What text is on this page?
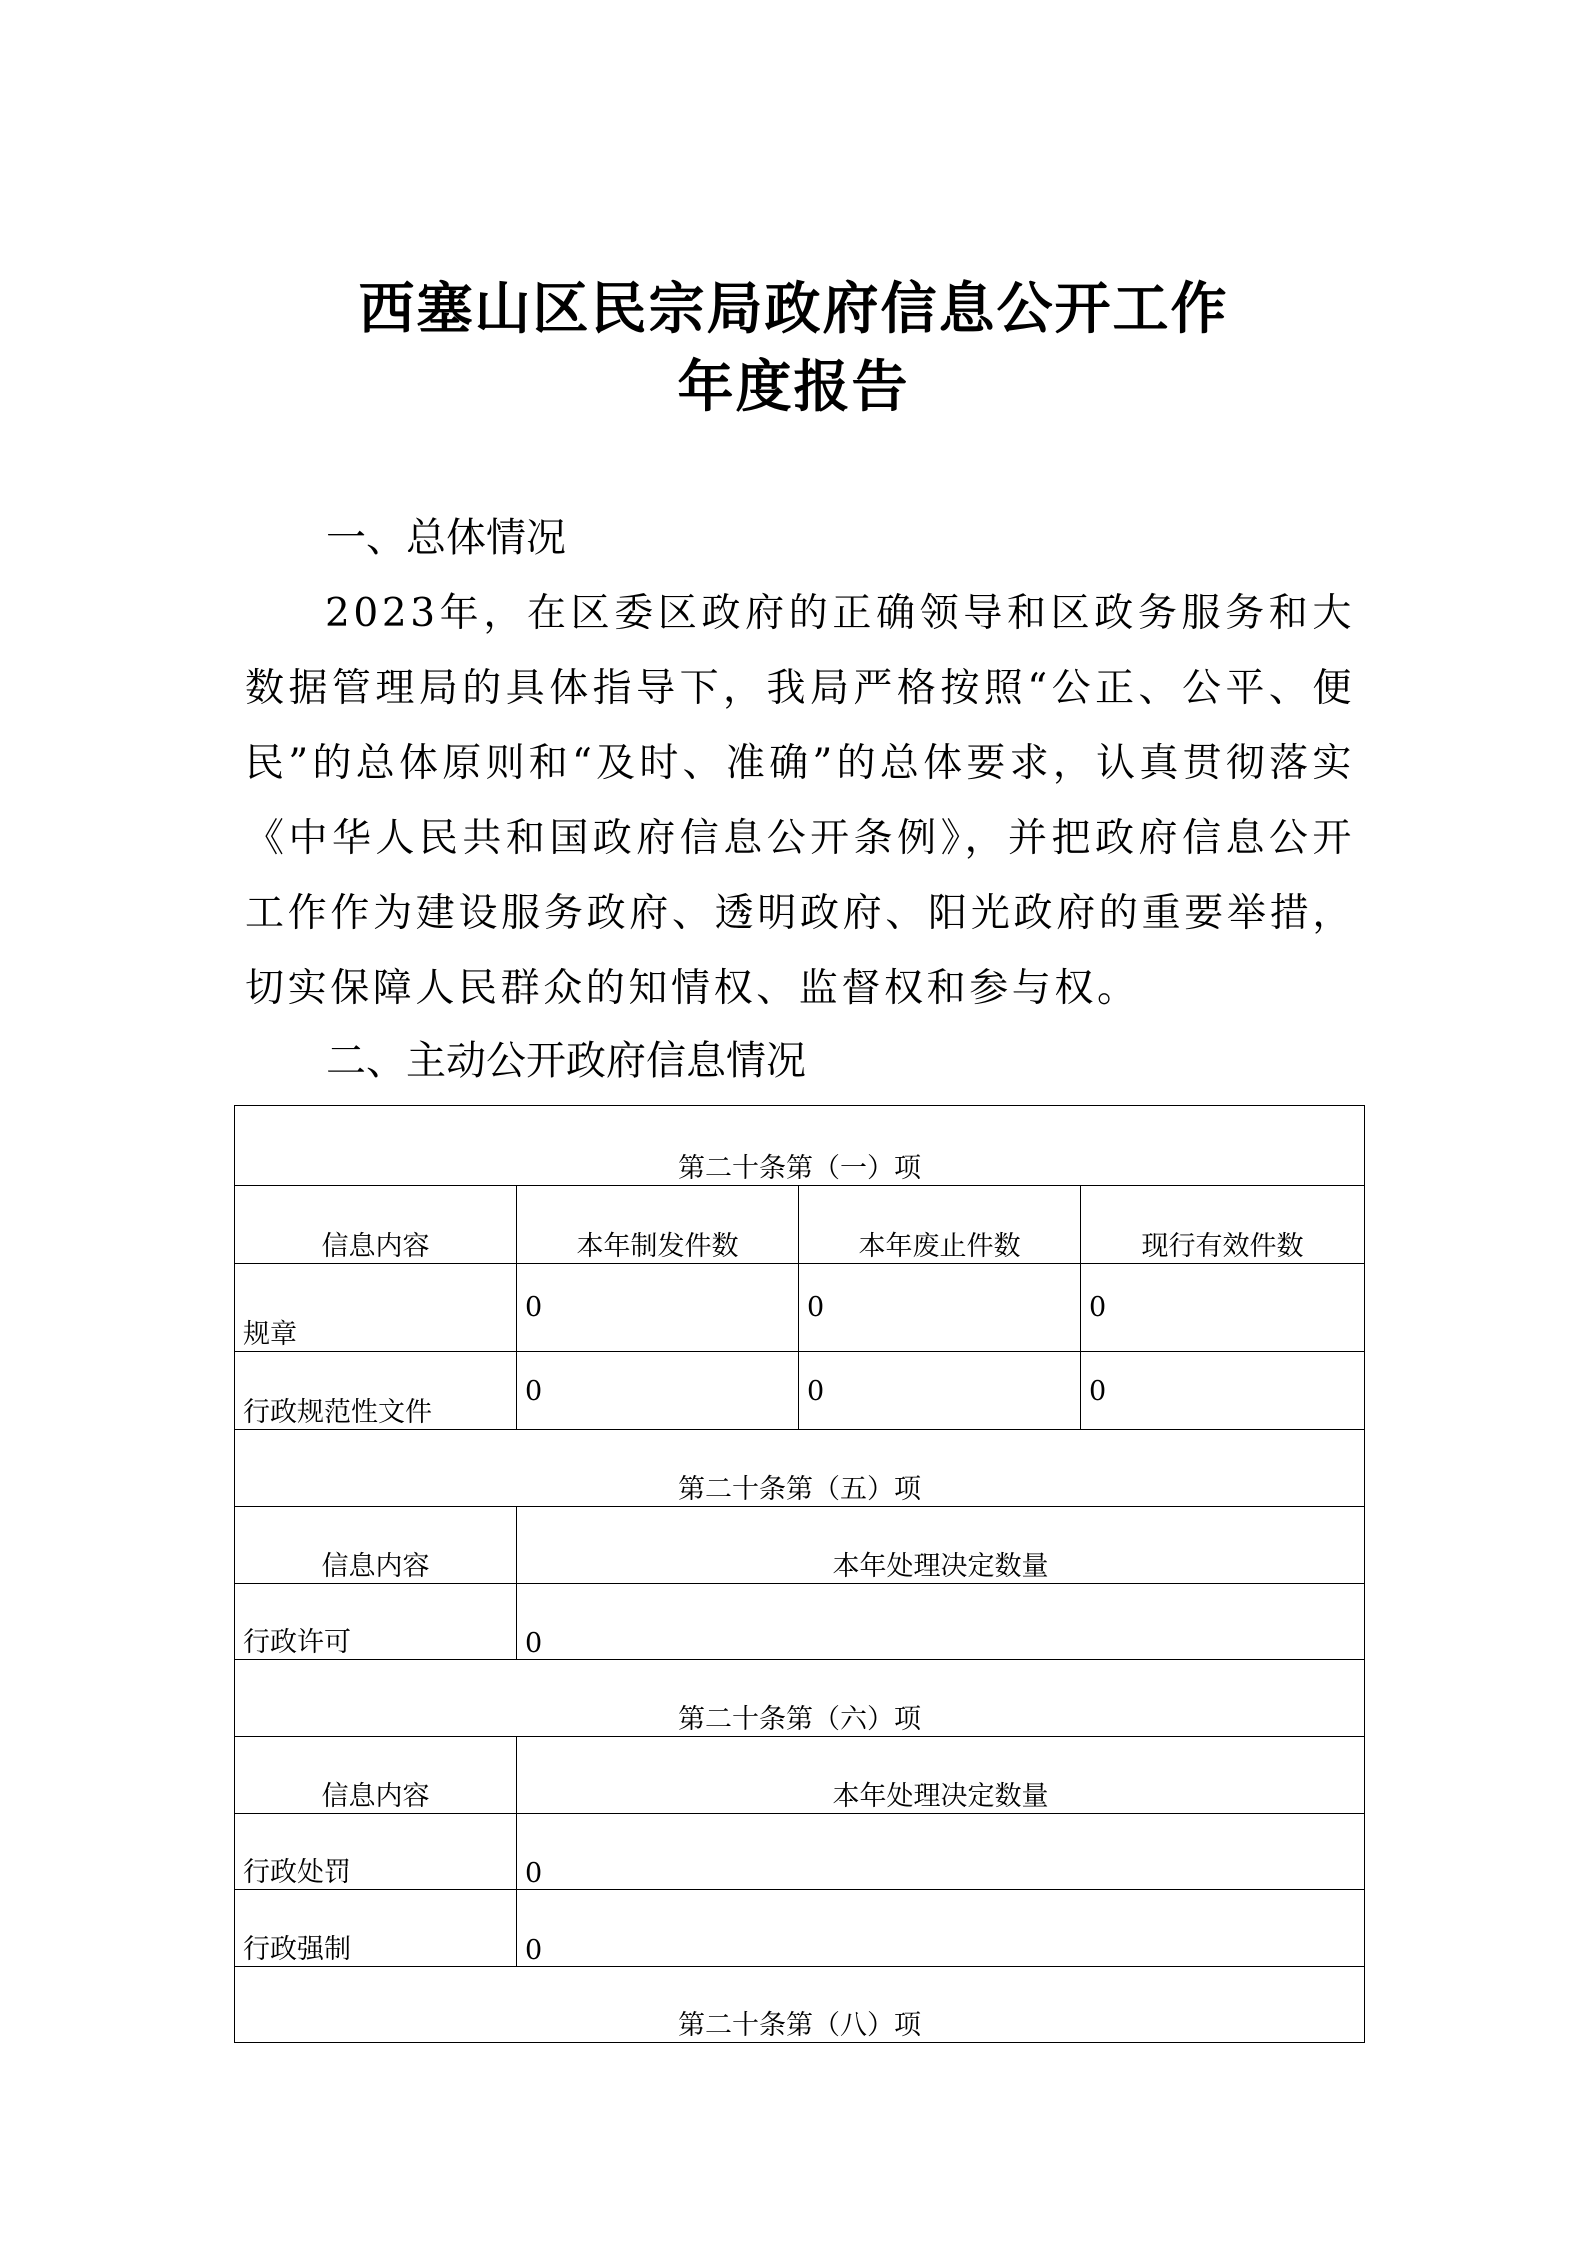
西塞山区民宗局政府信息公开工作
年度报告
一、总体情况
2023年，在区委区政府的正确领导和区政务服务和大数据管理局的具体指导下，我局严格按照“公正、公平、便民”的总体原则和“及时、准确”的总体要求，认真贯彻落实《中华人民共和国政府信息公开条例》，并把政府信息公开工作作为建设服务政府、透明政府、阳光政府的重要举措，切实保障人民群众的知情权、监督权和参与权。
二、主动公开政府信息情况
第二十条第（一）项			
信息内容	本年制发件数	本年废止件数	现行有效件数
规章	0	0	0
行政规范性文件	0	0	0
第二十条第（五）项			
信息内容	本年处理决定数量		
行政许可	0		
第二十条第（六）项			
信息内容	本年处理决定数量		
行政处罚	0		
行政强制	0		
第二十条第（八）项			
